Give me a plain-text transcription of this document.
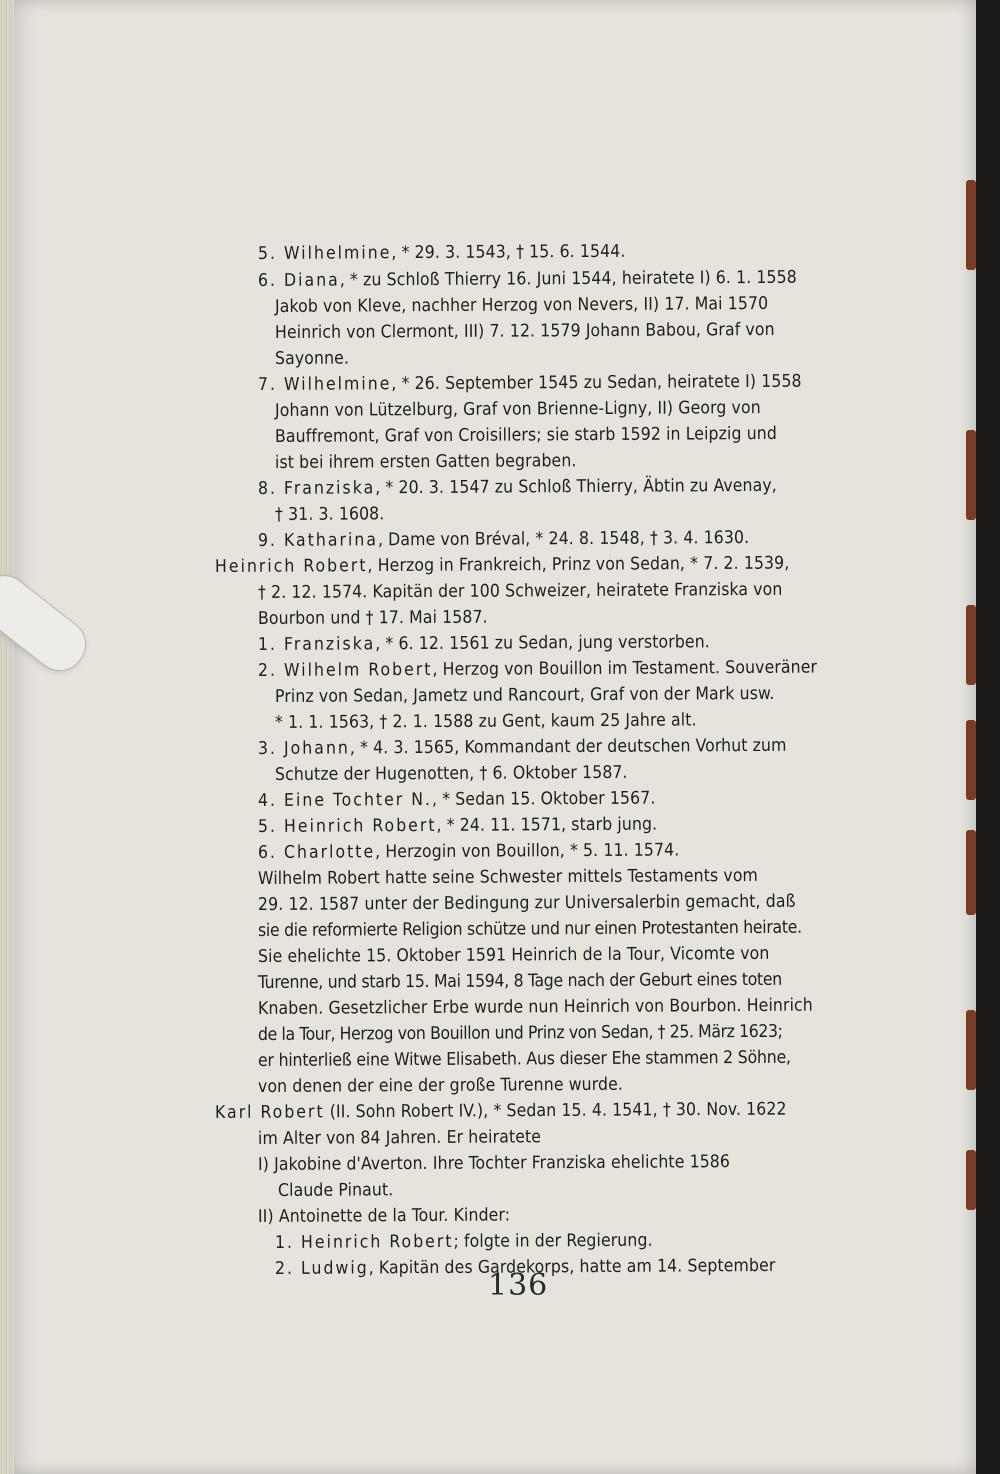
5. Wilhelmine, * 29. 3. 1543, † 15. 6. 1544.
6. Diana, * zu Schloß Thierry 16. Juni 1544, heiratete I) 6. 1. 1558
Jakob von Kleve, nachher Herzog von Nevers, II) 17. Mai 1570
Heinrich von Clermont, III) 7. 12. 1579 Johann Babou, Graf von
Sayonne.
7. Wilhelmine, * 26. September 1545 zu Sedan, heiratete I) 1558
Johann von Lützelburg, Graf von Brienne-Ligny, II) Georg von
Bauffremont, Graf von Croisillers; sie starb 1592 in Leipzig und
ist bei ihrem ersten Gatten begraben.
8. Franziska, * 20. 3. 1547 zu Schloß Thierry, Äbtin zu Avenay,
† 31. 3. 1608.
9. Katharina, Dame von Bréval, * 24. 8. 1548, † 3. 4. 1630.
Heinrich Robert, Herzog in Frankreich, Prinz von Sedan, * 7. 2. 1539,
† 2. 12. 1574. Kapitän der 100 Schweizer, heiratete Franziska von
Bourbon und † 17. Mai 1587.
1. Franziska, * 6. 12. 1561 zu Sedan, jung verstorben.
2. Wilhelm Robert, Herzog von Bouillon im Testament. Souveräner
Prinz von Sedan, Jametz und Rancourt, Graf von der Mark usw.
* 1. 1. 1563, † 2. 1. 1588 zu Gent, kaum 25 Jahre alt.
3. Johann, * 4. 3. 1565, Kommandant der deutschen Vorhut zum
Schutze der Hugenotten, † 6. Oktober 1587.
4. Eine Tochter N., * Sedan 15. Oktober 1567.
5. Heinrich Robert, * 24. 11. 1571, starb jung.
6. Charlotte, Herzogin von Bouillon, * 5. 11. 1574.
Wilhelm Robert hatte seine Schwester mittels Testaments vom
29. 12. 1587 unter der Bedingung zur Universalerbin gemacht, daß
sie die reformierte Religion schütze und nur einen Protestanten heirate.
Sie ehelichte 15. Oktober 1591 Heinrich de la Tour, Vicomte von
Turenne, und starb 15. Mai 1594, 8 Tage nach der Geburt eines toten
Knaben. Gesetzlicher Erbe wurde nun Heinrich von Bourbon. Heinrich
de la Tour, Herzog von Bouillon und Prinz von Sedan, † 25. März 1623;
er hinterließ eine Witwe Elisabeth. Aus dieser Ehe stammen 2 Söhne,
von denen der eine der große Turenne wurde.
Karl Robert (II. Sohn Robert IV.), * Sedan 15. 4. 1541, † 30. Nov. 1622
im Alter von 84 Jahren. Er heiratete
I) Jakobine d'Averton. Ihre Tochter Franziska ehelichte 1586
Claude Pinaut.
II) Antoinette de la Tour. Kinder:
1. Heinrich Robert; folgte in der Regierung.
2. Ludwig, Kapitän des Gardekorps, hatte am 14. September
136
